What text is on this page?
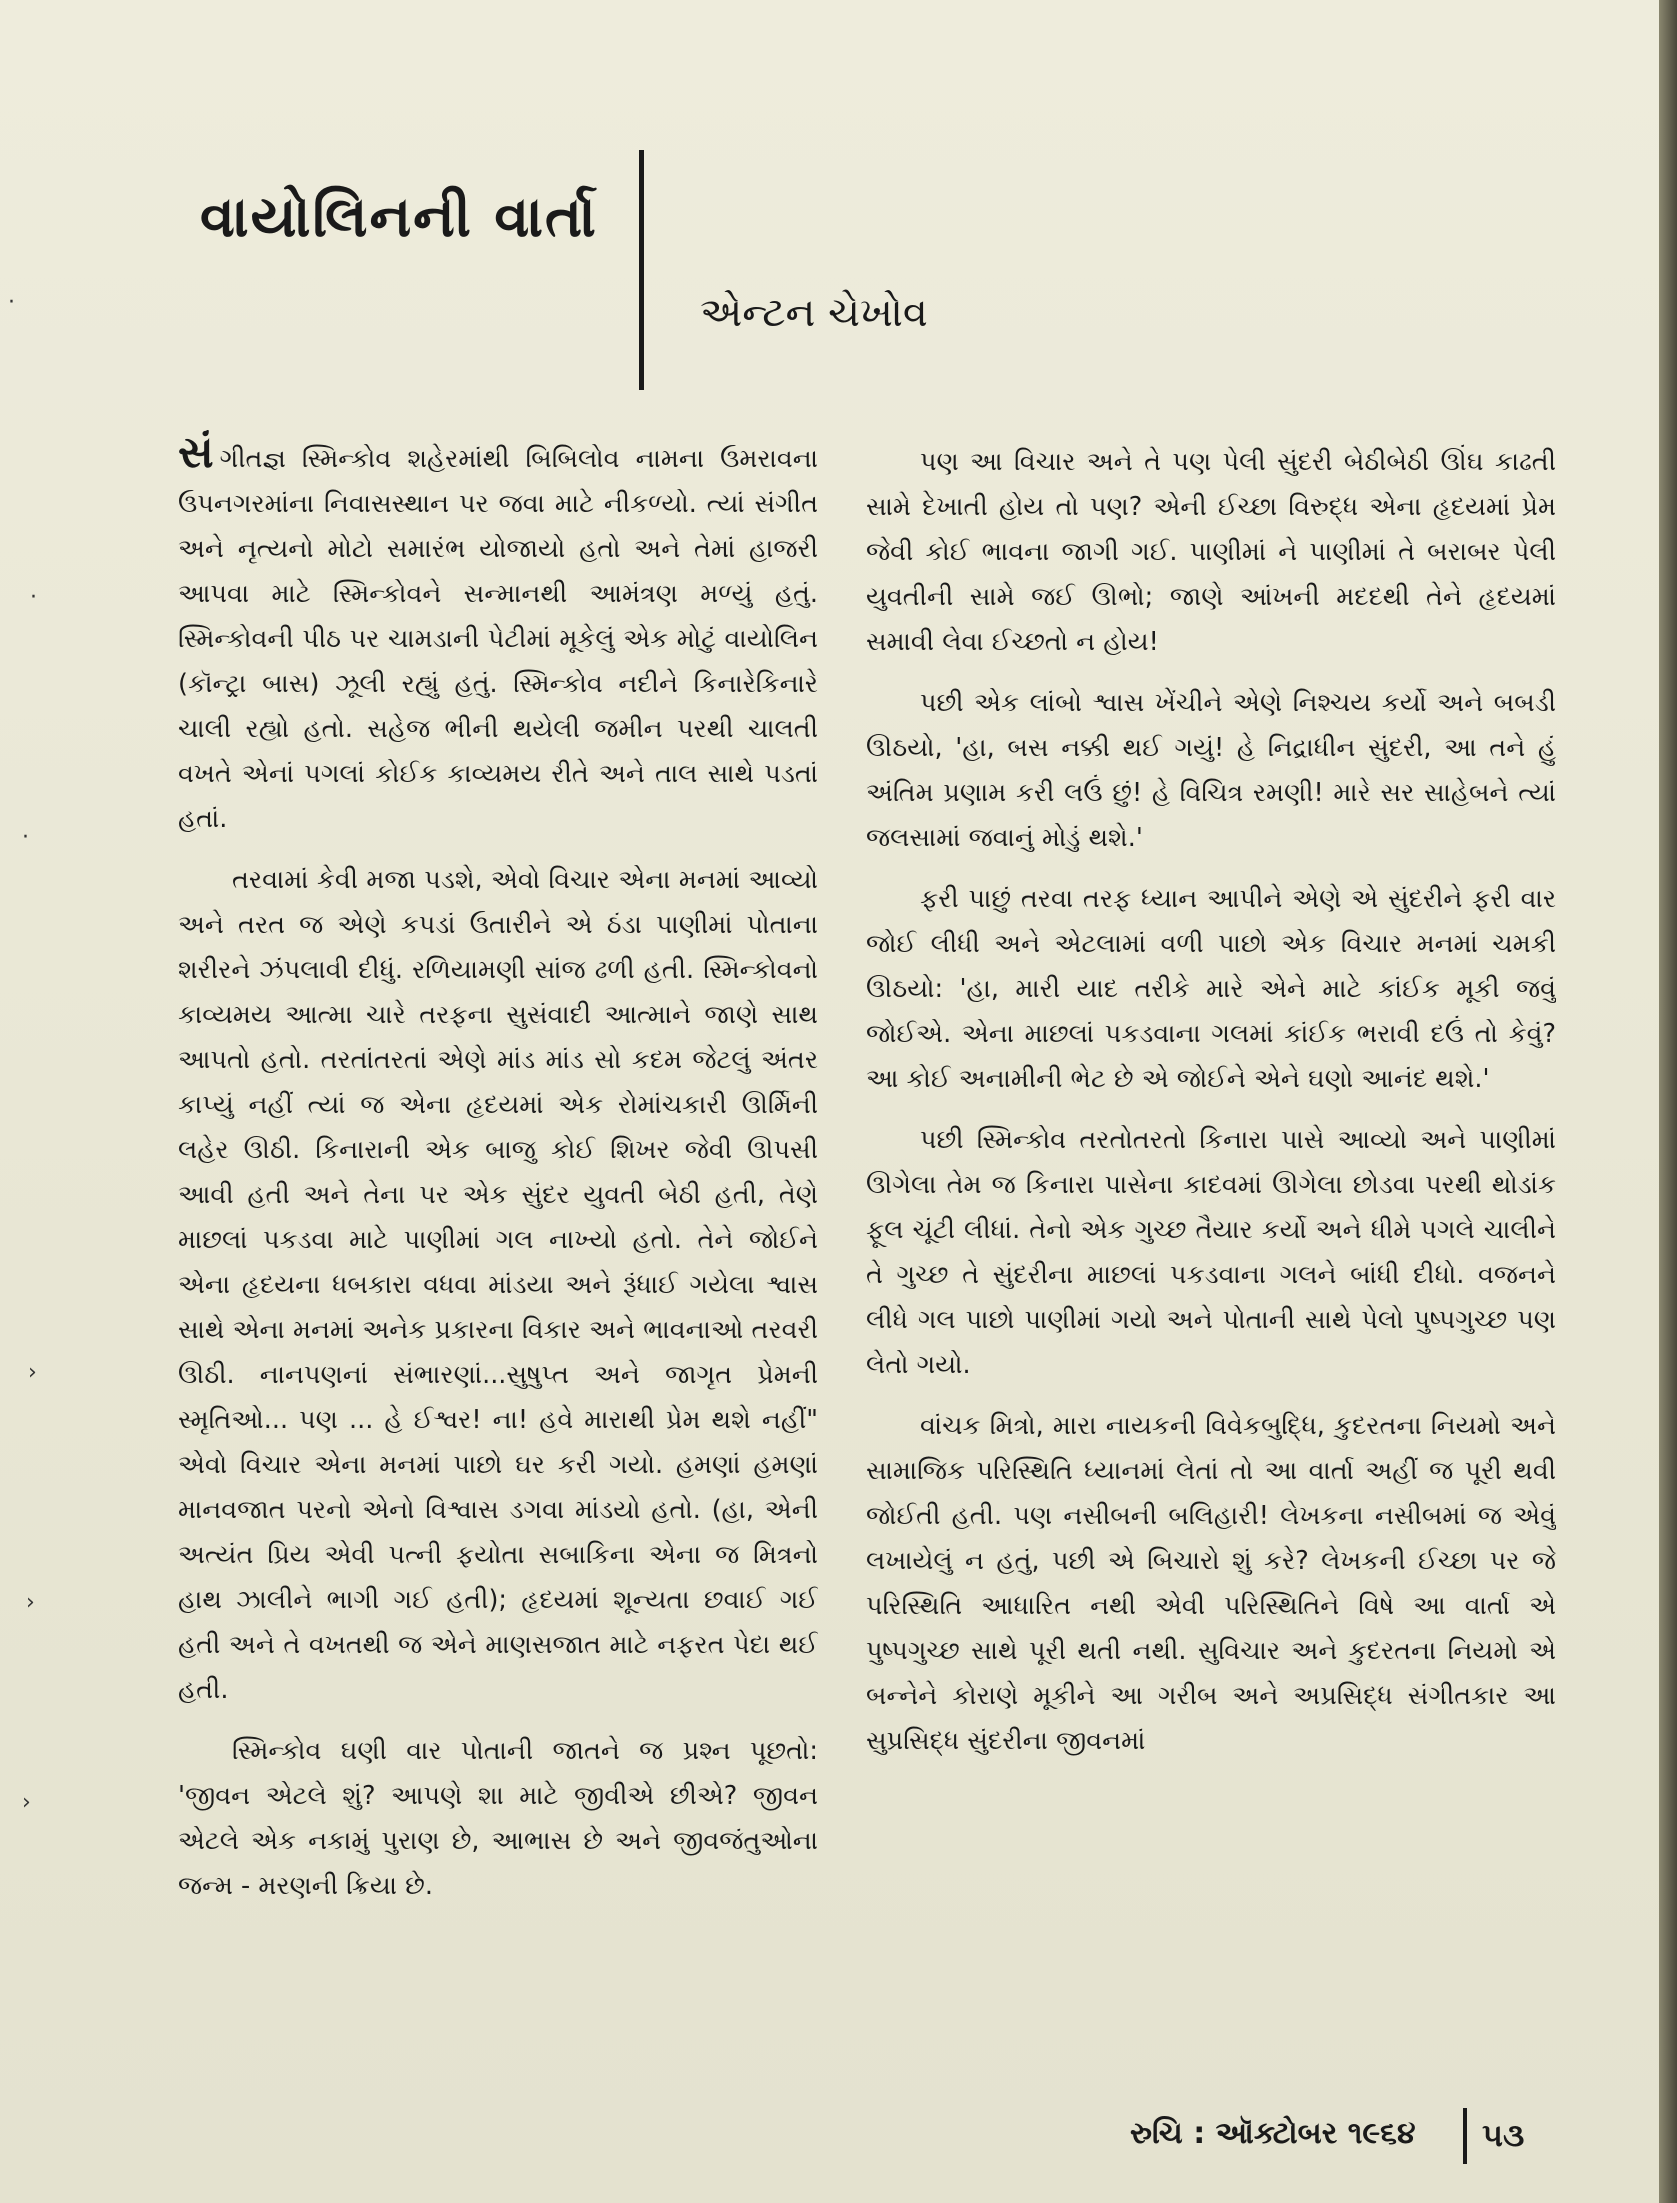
વાયોલિનની વાર્તા
એન્ટન ચેખોવ

સંગીતજ્ઞ સ્મિન્કોવ શહેરમાંથી બિબિલોવ નામના ઉમરાવના ઉપનગરમાંના નિવાસસ્થાન પર જવા માટે નીકળ્યો. ત્યાં સંગીત અને નૃત્યનો મોટો સમારંભ યોજાયો હતો અને તેમાં હાજરી આપવા માટે સ્મિન્કોવને સન્માનથી આમંત્રણ મળ્યું હતું. સ્મિન્કોવની પીઠ પર ચામડાની પેટીમાં મૂકેલું એક મોટું વાયોલિન (કૉન્ટ્રા બાસ) ઝૂલી રહ્યું હતું. સ્મિન્કોવ નદીને કિનારેકિનારે ચાલી રહ્યો હતો. સહેજ ભીની થયેલી જમીન પરથી ચાલતી વખતે એનાં પગલાં કોઈક કાવ્યમય રીતે અને તાલ સાથે પડતાં હતાં.

તરવામાં કેવી મજા પડશે, એવો વિચાર એના મનમાં આવ્યો અને તરત જ એણે કપડાં ઉતારીને એ ઠંડા પાણીમાં પોતાના શરીરને ઝંપલાવી દીધું. રળિયામણી સાંજ ઢળી હતી. સ્મિન્કોવનો કાવ્યમય આત્મા ચારે તરફના સુસંવાદી આત્માને જાણે સાથ આપતો હતો. તરતાંતરતાં એણે માંડ માંડ સો કદમ જેટલું અંતર કાપ્યું નહીં ત્યાં જ એના હૃદયમાં એક રોમાંચકારી ઊર્મિની લહેર ઊઠી. કિનારાની એક બાજુ કોઈ શિખર જેવી ઊપસી આવી હતી અને તેના પર એક સુંદર યુવતી બેઠી હતી, તેણે માછલાં પકડવા માટે પાણીમાં ગલ નાખ્યો હતો. તેને જોઈને એના હૃદયના ધબકારા વધવા માંડયા અને રૂંધાઈ ગયેલા શ્વાસ સાથે એના મનમાં અનેક પ્રકારના વિકાર અને ભાવનાઓ તરવરી ઊઠી. નાનપણનાં સંભારણાં...સુષુપ્ત અને જાગૃત પ્રેમની સ્મૃતિઓ... પણ ... હે ઈશ્વર! ના! હવે મારાથી પ્રેમ થશે નહીં" એવો વિચાર એના મનમાં પાછો ઘર કરી ગયો. હમણાં હમણાં માનવજાત પરનો એનો વિશ્વાસ ડગવા માંડયો હતો. (હા, એની અત્યંત પ્રિય એવી પત્ની ફયોતા સબાકિના એના જ મિત્રનો હાથ ઝાલીને ભાગી ગઈ હતી); હૃદયમાં શૂન્યતા છવાઈ ગઈ હતી અને તે વખતથી જ એને માણસજાત માટે નફરત પેદા થઈ હતી.

સ્મિન્કોવ ઘણી વાર પોતાની જાતને જ પ્રશ્ન પૂછતો: 'જીવન એટલે શું? આપણે શા માટે જીવીએ છીએ? જીવન એટલે એક નકામું પુરાણ છે, આભાસ છે અને જીવજંતુઓના જન્મ - મરણની ક્રિયા છે.

પણ આ વિચાર અને તે પણ પેલી સુંદરી બેઠીબેઠી ઊંઘ કાઢતી સામે દેખાતી હોય તો પણ? એની ઈચ્છા વિરુદ્ધ એના હૃદયમાં પ્રેમ જેવી કોઈ ભાવના જાગી ગઈ. પાણીમાં ને પાણીમાં તે બરાબર પેલી યુવતીની સામે જઈ ઊભો; જાણે આંખની મદદથી તેને હૃદયમાં સમાવી લેવા ઈચ્છતો ન હોય!

પછી એક લાંબો શ્વાસ ખેંચીને એણે નિશ્ચય કર્યો અને બબડી ઊઠયો, 'હા, બસ નક્કી થઈ ગયું! હે નિદ્રાધીન સુંદરી, આ તને હું અંતિમ પ્રણામ કરી લઉં છું! હે વિચિત્ર રમણી! મારે સર સાહેબને ત્યાં જલસામાં જવાનું મોડું થશે.'

ફરી પાછું તરવા તરફ ધ્યાન આપીને એણે એ સુંદરીને ફરી વાર જોઈ લીધી અને એટલામાં વળી પાછો એક વિચાર મનમાં ચમકી ઊઠયો: 'હા, મારી યાદ તરીકે મારે એને માટે કાંઈક મૂકી જવું જોઈએ. એના માછલાં પકડવાના ગલમાં કાંઈક ભરાવી દઉં તો કેવું? આ કોઈ અનામીની ભેટ છે એ જોઈને એને ઘણો આનંદ થશે.'

પછી સ્મિન્કોવ તરતોતરતો કિનારા પાસે આવ્યો અને પાણીમાં ઊગેલા તેમ જ કિનારા પાસેના કાદવમાં ઊગેલા છોડવા પરથી થોડાંક ફૂલ ચૂંટી લીધાં. તેનો એક ગુચ્છ તૈયાર કર્યો અને ધીમે પગલે ચાલીને તે ગુચ્છ તે સુંદરીના માછલાં પકડવાના ગલને બાંધી દીધો. વજનને લીધે ગલ પાછો પાણીમાં ગયો અને પોતાની સાથે પેલો પુષ્પગુચ્છ પણ લેતો ગયો.

વાંચક મિત્રો, મારા નાયકની વિવેકબુદ્ધિ, કુદરતના નિયમો અને સામાજિક પરિસ્થિતિ ધ્યાનમાં લેતાં તો આ વાર્તા અહીં જ પૂરી થવી જોઈતી હતી. પણ નસીબની બલિહારી! લેખકના નસીબમાં જ એવું લખાયેલું ન હતું, પછી એ બિચારો શું કરે? લેખકની ઈચ્છા પર જે પરિસ્થિતિ આધારિત નથી એવી પરિસ્થિતિને વિષે આ વાર્તા એ પુષ્પગુચ્છ સાથે પૂરી થતી નથી. સુવિચાર અને કુદરતના નિયમો એ બન્નેને કોરાણે મૂકીને આ ગરીબ અને અપ્રસિદ્ધ સંગીતકાર આ સુપ્રસિદ્ધ સુંદરીના જીવનમાં

રુચિ : ઑક્ટોબર ૧૯૬૪ ૫૩
·
·
·
›
›
›
